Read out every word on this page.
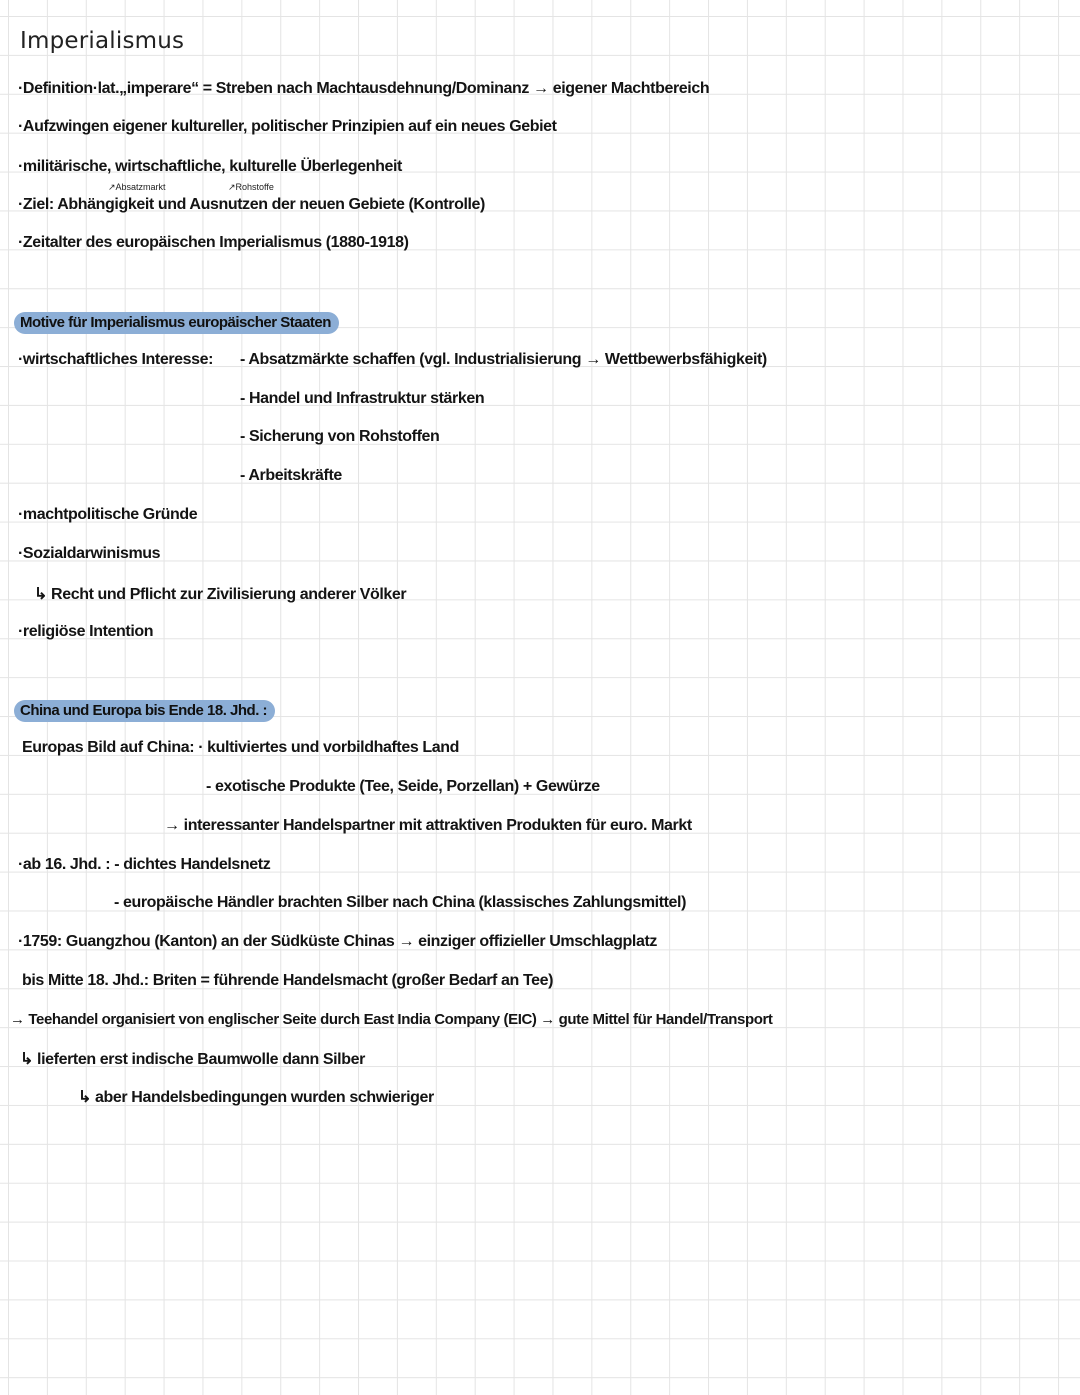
Imperialismus
·Definition·lat.„imperare“ = Streben nach Machtausdehnung/Dominanz → eigener Machtbereich
·Aufzwingen eigener kultureller, politischer Prinzipien auf ein neues Gebiet
·militärische, wirtschaftliche, kulturelle Überlegenheit
↗Absatzmarkt	↗Rohstoffe
·Ziel: Abhängigkeit und Ausnutzen der neuen Gebiete (Kontrolle)
·Zeitalter des europäischen Imperialismus (1880-1918)
Motive für Imperialismus europäischer Staaten
·wirtschaftliches Interesse: - Absatzmärkte schaffen (vgl. Industrialisierung → Wettbewerbsfähigkeit)
- Handel und Infrastruktur stärken
- Sicherung von Rohstoffen
- Arbeitskräfte
·machtpolitische Gründe
·Sozialdarwinismus
↳ Recht und Pflicht zur Zivilisierung anderer Völker
·religiöse Intention
China und Europa bis Ende 18. Jhd. :
Europas Bild auf China: · kultiviertes und vorbildhaftes Land
- exotische Produkte (Tee, Seide, Porzellan) + Gewürze
→ interessanter Handelspartner mit attraktiven Produkten für euro. Markt
·ab 16. Jhd. : - dichtes Handelsnetz
- europäische Händler brachten Silber nach China (klassisches Zahlungsmittel)
·1759: Guangzhou (Kanton) an der Südküste Chinas → einziger offizieller Umschlagplatz
bis Mitte 18. Jhd.: Briten = führende Handelsmacht (großer Bedarf an Tee)
→ Teehandel organisiert von englischer Seite durch East India Company (EIC) → gute Mittel für Handel/Transport
↳ lieferten erst indische Baumwolle dann Silber
↳ aber Handelsbedingungen wurden schwieriger
